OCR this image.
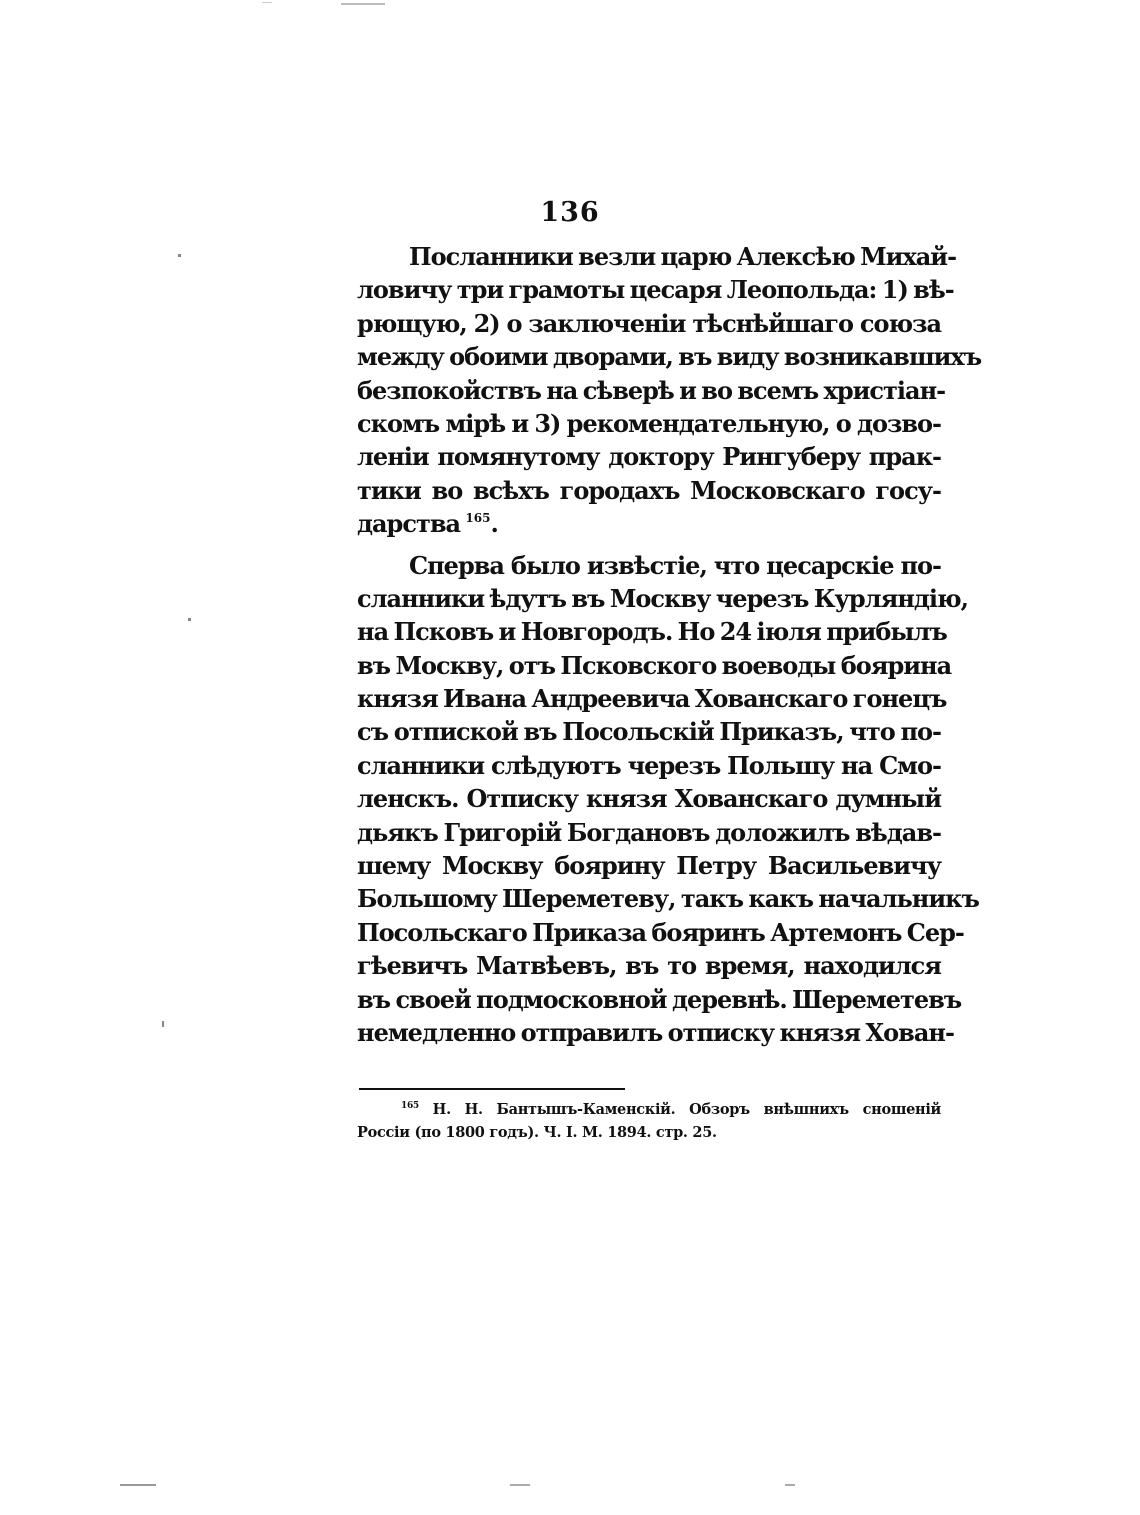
136
Посланники везли царю Алексѣю Михай-
ловичу три грамоты цесаря Леопольда: 1) вѣ-
рющую, 2) о заключеніи тѣснѣйшаго союза
между обоими дворами, въ виду возникавшихъ
безпокойствъ на сѣверѣ и во всемъ христіан-
скомъ мірѣ и 3) рекомендательную, о дозво-
леніи помянутому доктору Рингуберу прак-
тики во всѣхъ городахъ Московскаго госу-
дарства $^{165}$.
Сперва было извѣстіе, что цесарскіе по-
сланники ѣдутъ въ Москву черезъ Курляндію,
на Псковъ и Новгородъ. Но 24 іюля прибылъ
въ Москву, отъ Псковского воеводы боярина
князя Ивана Андреевича Хованскаго гонецъ
съ отпиской въ Посольскій Приказъ, что по-
сланники слѣдуютъ черезъ Польшу на Смо-
ленскъ. Отписку князя Хованскаго думный
дьякъ Григорій Богдановъ доложилъ вѣдав-
шему Москву боярину Петру Васильевичу
Большому Шереметеву, такъ какъ начальникъ
Посольскаго Приказа бояринъ Артемонъ Сер-
гѣевичъ Матвѣевъ, въ то время, находился
въ своей подмосковной деревнѣ. Шереметевъ
немедленно отправилъ отписку князя Хован-
$^{165}$ Н. Н. Бантышъ-Каменскій. Обзоръ внѣшнихъ сношеній
Россіи (по 1800 годъ). Ч. I. М. 1894. стр. 25.
